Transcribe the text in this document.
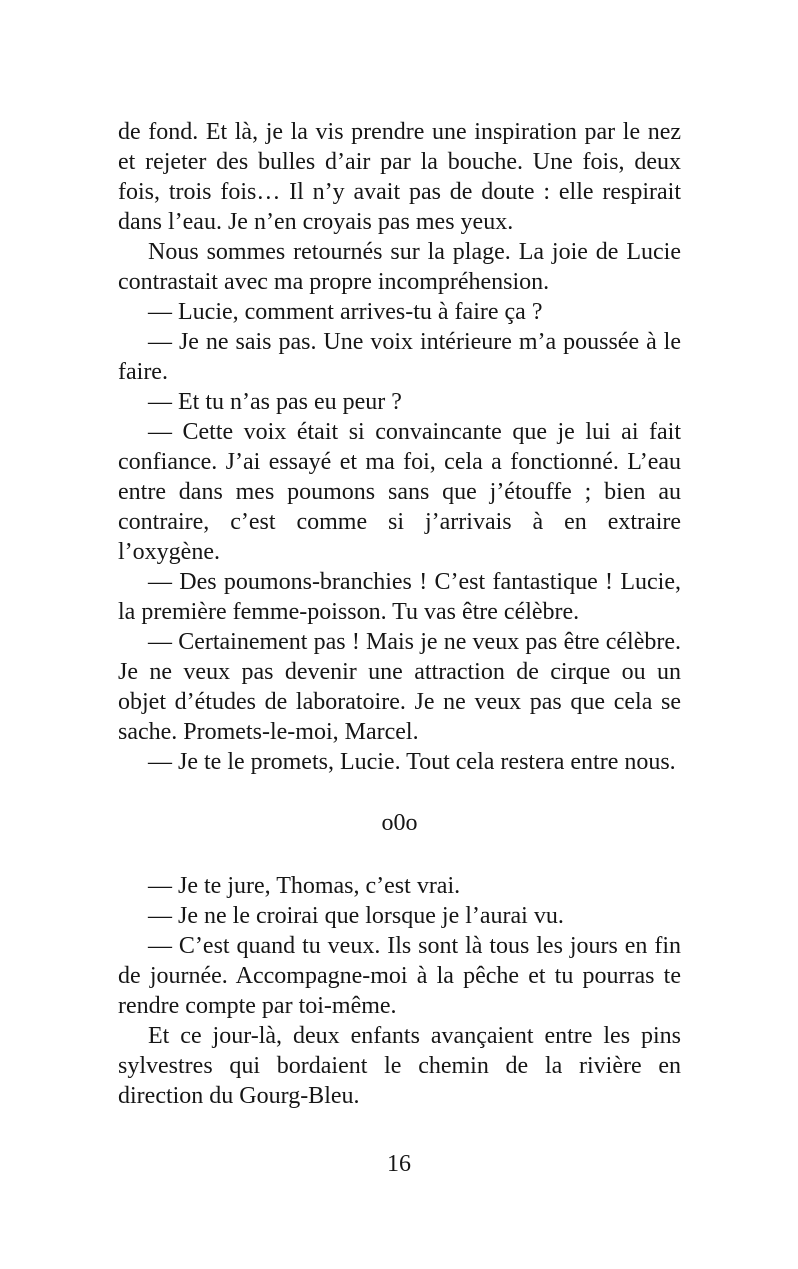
de fond. Et là, je la vis prendre une inspiration par le nez et rejeter des bulles d’air par la bouche. Une fois, deux fois, trois fois… Il n’y avait pas de doute : elle respirait dans l’eau. Je n’en croyais pas mes yeux.

Nous sommes retournés sur la plage. La joie de Lucie contrastait avec ma propre incompréhension.

— Lucie, comment arrives-tu à faire ça ?

— Je ne sais pas. Une voix intérieure m’a poussée à le faire.

— Et tu n’as pas eu peur ?

— Cette voix était si convaincante que je lui ai fait confiance. J’ai essayé et ma foi, cela a fonctionné. L’eau entre dans mes poumons sans que j’étouffe ; bien au contraire, c’est comme si j’arrivais à en extraire l’oxygène.

— Des poumons-branchies ! C’est fantastique ! Lucie, la première femme-poisson. Tu vas être célèbre.

— Certainement pas ! Mais je ne veux pas être célèbre. Je ne veux pas devenir une attraction de cirque ou un objet d’études de laboratoire. Je ne veux pas que cela se sache. Promets-le-moi, Marcel.

— Je te le promets, Lucie. Tout cela restera entre nous.

o0o

— Je te jure, Thomas, c’est vrai.

— Je ne le croirai que lorsque je l’aurai vu.

— C’est quand tu veux. Ils sont là tous les jours en fin de journée. Accompagne-moi à la pêche et tu pourras te rendre compte par toi-même.

Et ce jour-là, deux enfants avançaient entre les pins sylvestres qui bordaient le chemin de la rivière en direction du Gourg-Bleu.

16
